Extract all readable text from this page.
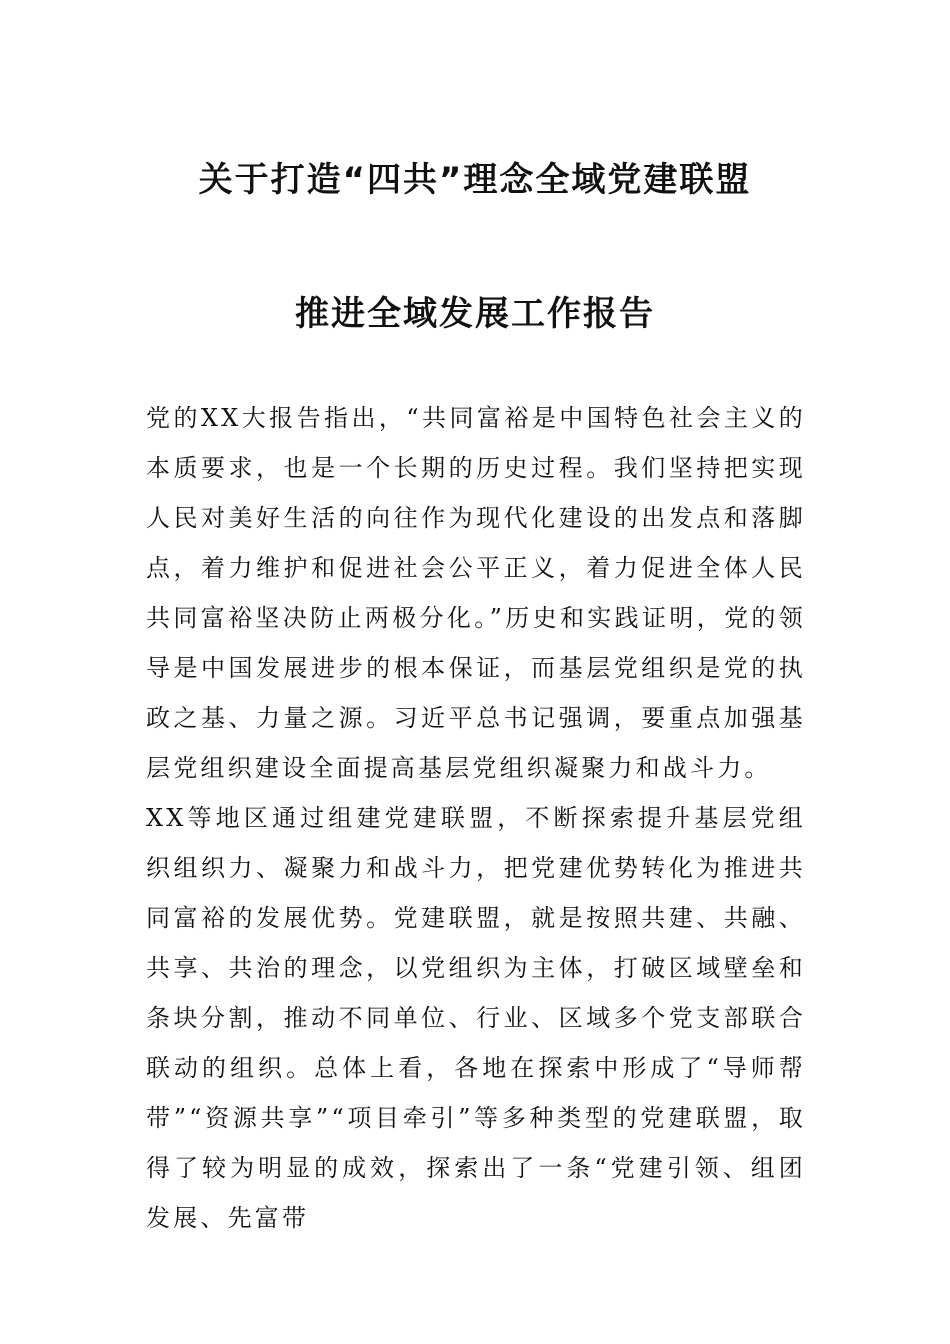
关于打造“四共”理念全域党建联盟
推进全域发展工作报告

党的XX大报告指出，“共同富裕是中国特色社会主义的本质要求，也是一个长期的历史过程。我们坚持把实现人民对美好生活的向往作为现代化建设的出发点和落脚点，着力维护和促进社会公平正义，着力促进全体人民共同富裕坚决防止两极分化。”历史和实践证明，党的领导是中国发展进步的根本保证，而基层党组织是党的执政之基、力量之源。习近平总书记强调，要重点加强基层党组织建设全面提高基层党组织凝聚力和战斗力。

XX等地区通过组建党建联盟，不断探索提升基层党组织组织力、凝聚力和战斗力，把党建优势转化为推进共同富裕的发展优势。党建联盟，就是按照共建、共融、共享、共治的理念，以党组织为主体，打破区域壁垒和条块分割，推动不同单位、行业、区域多个党支部联合联动的组织。总体上看，各地在探索中形成了“导师帮带”“资源共享”“项目牵引”等多种类型的党建联盟，取得了较为明显的成效，探索出了一条“党建引领、组团发展、先富带
